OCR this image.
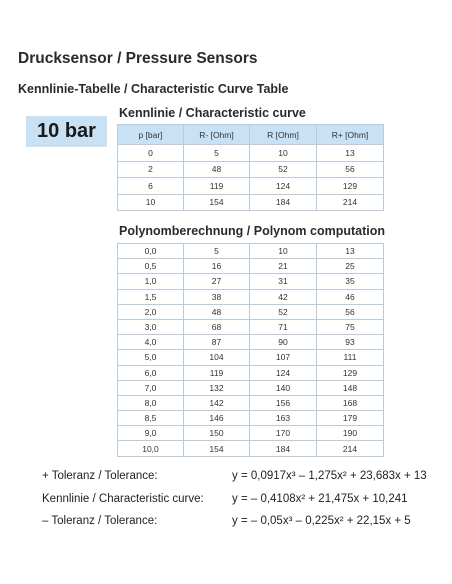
Drucksensor / Pressure Sensors
Kennlinie-Tabelle / Characteristic Curve Table
10 bar
Kennlinie / Characteristic curve
p [bar]	R- [Ohm]	R [Ohm]	R+ [Ohm]
0	5	10	13
2	48	52	56
6	119	124	129
10	154	184	214
Polynomberechnung / Polynom computation
0,0	5	10	13
0,5	16	21	25
1,0	27	31	35
1,5	38	42	46
2,0	48	52	56
3,0	68	71	75
4,0	87	90	93
5,0	104	107	111
6,0	119	124	129
7,0	132	140	148
8,0	142	156	168
8,5	146	163	179
9,0	150	170	190
10,0	154	184	214
+ Toleranz / Tolerance:	y = 0,0917x³ – 1,275x² + 23,683x + 13
Kennlinie / Characteristic curve: y = – 0,4108x² + 21,475x + 10,241
– Toleranz / Tolerance:	y = – 0,05x³ – 0,225x² + 22,15x + 5
